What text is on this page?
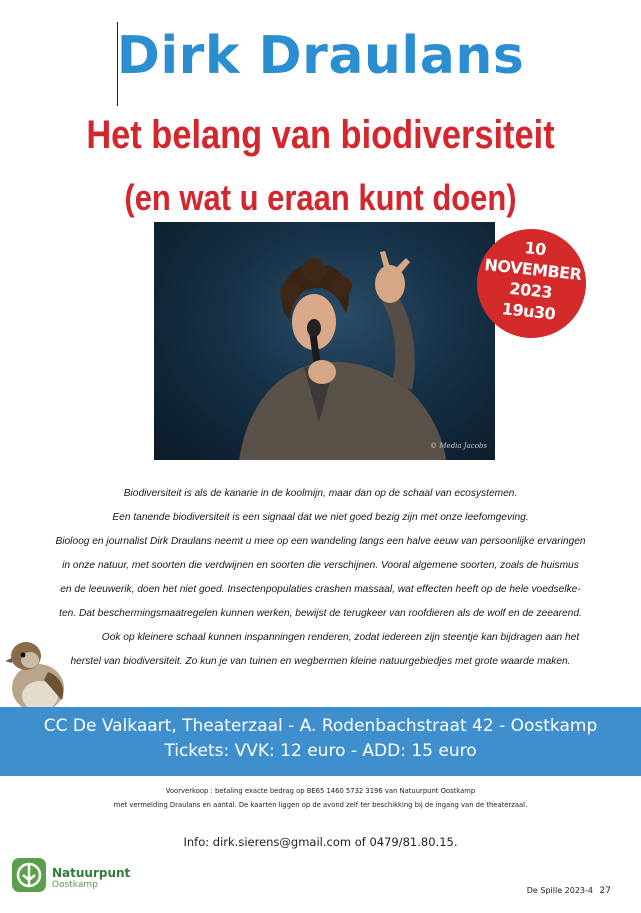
Dirk Draulans
Het belang van biodiversiteit
(en wat u eraan kunt doen)
© Media Jacobs
10
NOVEMBER
2023
19u30
Biodiversiteit is als de kanarie in de koolmijn, maar dan op de schaal van ecosystemen.
Een tanende biodiversiteit is een signaal dat we niet goed bezig zijn met onze leefomgeving.
Bioloog en journalist Dirk Draulans neemt u mee op een wandeling langs een halve eeuw van persoonlijke ervaringen
in onze natuur, met soorten die verdwijnen en soorten die verschijnen. Vooral algemene soorten, zoals de huismus
en de leeuwerik, doen het niet goed. Insectenpopulaties crashen massaal, wat effecten heeft op de hele voedselke-
ten. Dat beschermingsmaatregelen kunnen werken, bewijst de terugkeer van roofdieren als de wolf en de zeearend.
Ook op kleinere schaal kunnen inspanningen renderen, zodat iedereen zijn steentje kan bijdragen aan het
herstel van biodiversiteit. Zo kun je van tuinen en wegbermen kleine natuurgebiedjes met grote waarde maken.
CC De Valkaart, Theaterzaal - A. Rodenbachstraat 42 - Oostkamp
Tickets: VVK: 12 euro - ADD: 15 euro
Voorverkoop : betaling exacte bedrag op BE65 1460 5732 3196 van Natuurpunt Oostkamp
met vermelding Draulans en aantal. De kaarten liggen op de avond zelf ter beschikking bij de ingang van de theaterzaal.
Info: dirk.sierens@gmail.com of 0479/81.80.15.
Natuurpunt
Oostkamp
De Spille 2023-4 27
